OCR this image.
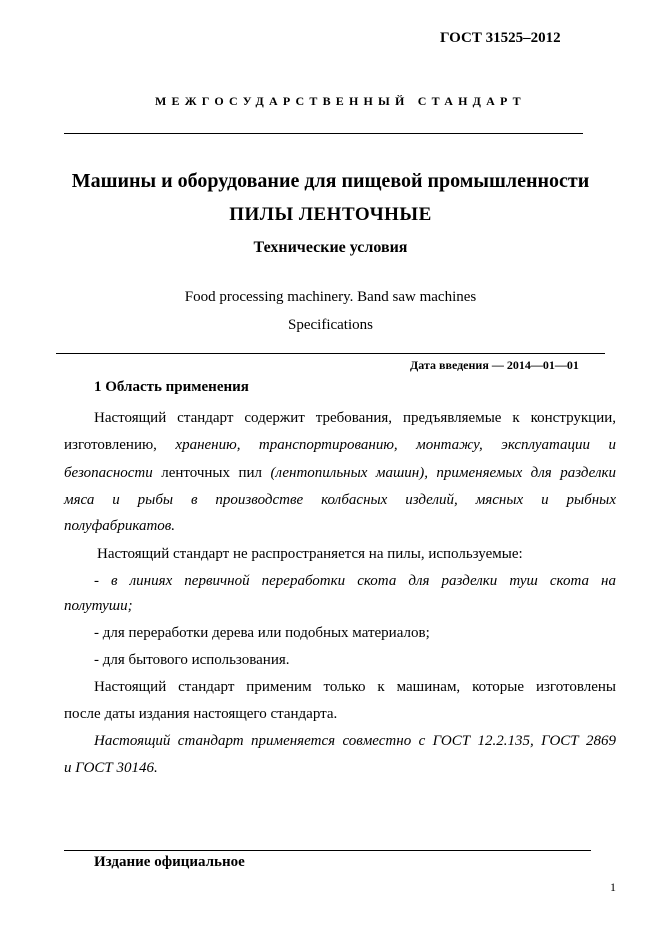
ГОСТ 31525–2012
МЕЖГОСУДАРСТВЕННЫЙ СТАНДАРТ
Машины и оборудование для пищевой промышленности
ПИЛЫ ЛЕНТОЧНЫЕ
Технические условия
Food processing machinery. Band saw machines
Specifications
Дата введения — 2014—01—01
1 Область применения
Настоящий стандарт содержит требования, предъявляемые к конструкции,
изготовлению, хранению, транспортированию, монтажу, эксплуатации и
безопасности ленточных пил (лентопильных машин), применяемых для разделки
мяса и рыбы в производстве колбасных изделий, мясных и рыбных
полуфабрикатов.
Настоящий стандарт не распространяется на пилы, используемые:
- в линиях первичной переработки скота для разделки туш скота на
полутуши;
- для переработки дерева или подобных материалов;
- для бытового использования.
Настоящий стандарт применим только к машинам, которые изготовлены
после даты издания настоящего стандарта.
Настоящий стандарт применяется совместно с ГОСТ 12.2.135, ГОСТ 2869
и ГОСТ 30146.
Издание официальное
1
